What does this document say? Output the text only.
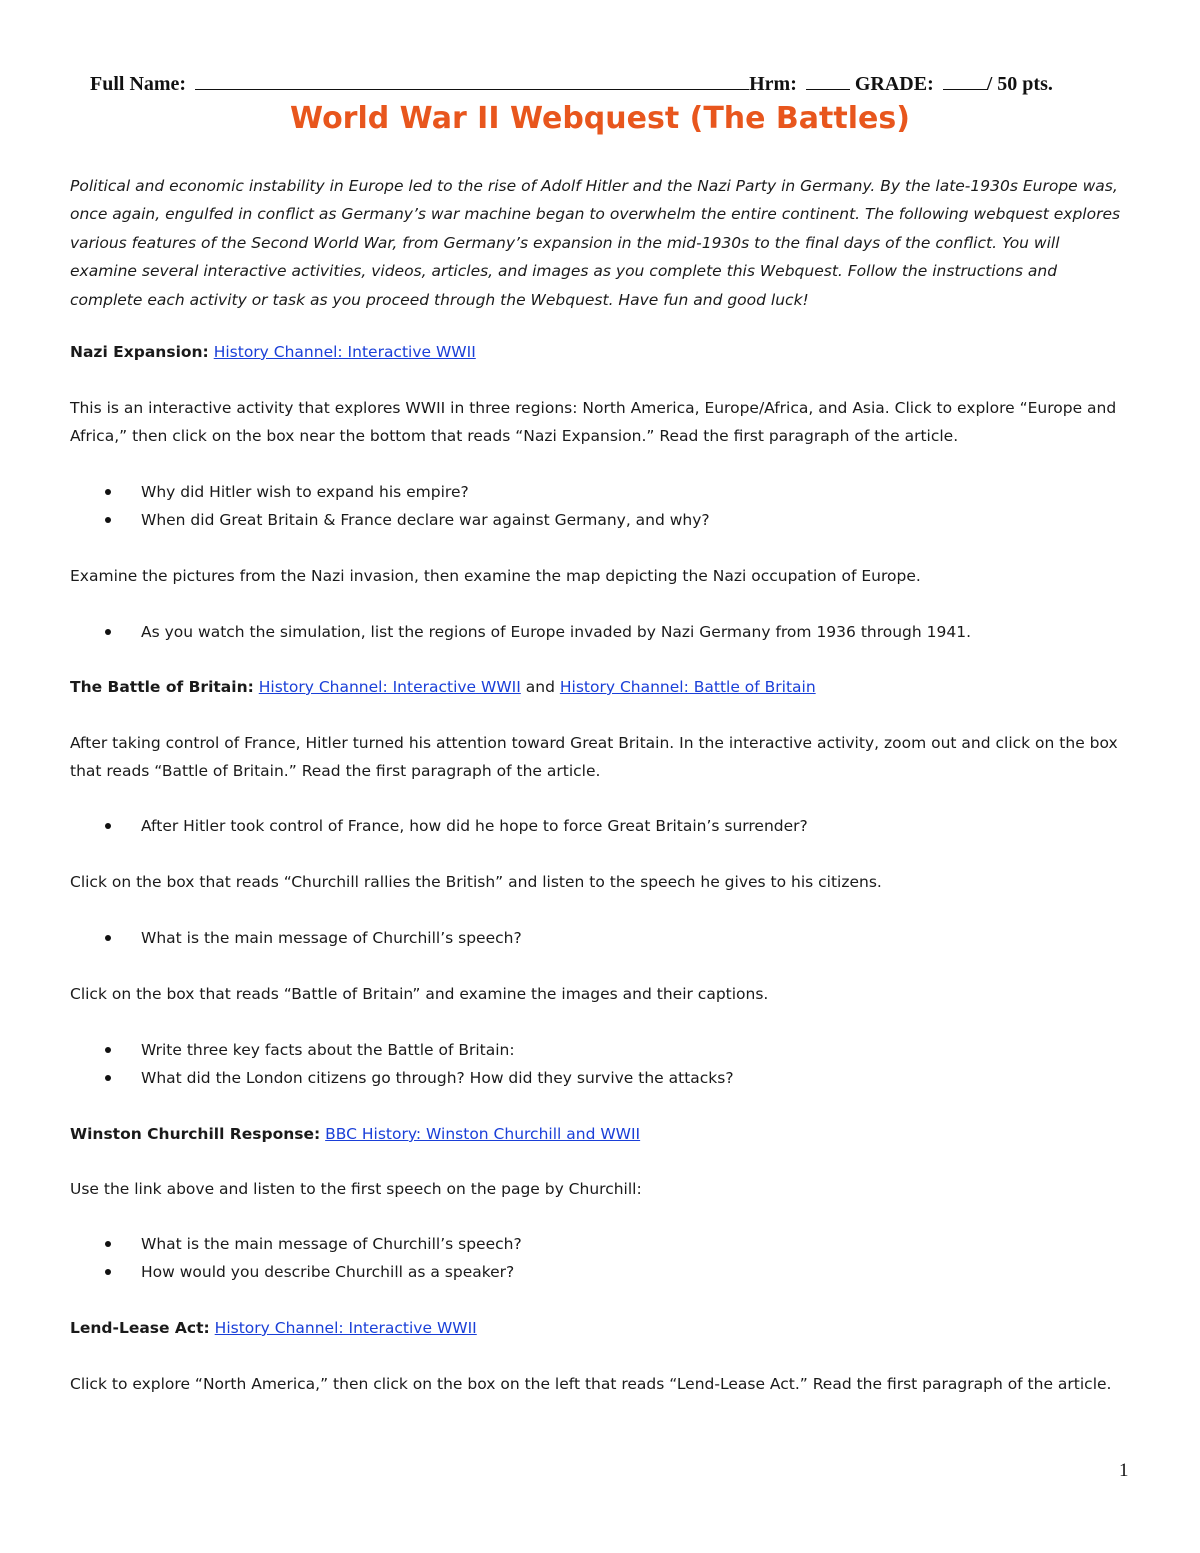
Full Name:	Hrm:	GRADE:	/ 50 pts.
World War II Webquest (The Battles)
Political and economic instability in Europe led to the rise of Adolf Hitler and the Nazi Party in Germany. By the late-1930s Europe was, once again, engulfed in conflict as Germany’s war machine began to overwhelm the entire continent. The following webquest explores various features of the Second World War, from Germany’s expansion in the mid-1930s to the final days of the conflict. You will examine several interactive activities, videos, articles, and images as you complete this Webquest. Follow the instructions and complete each activity or task as you proceed through the Webquest. Have fun and good luck!
Nazi Expansion: History Channel: Interactive WWII
This is an interactive activity that explores WWII in three regions: North America, Europe/Africa, and Asia. Click to explore “Europe and Africa,” then click on the box near the bottom that reads “Nazi Expansion.” Read the first paragraph of the article.
Why did Hitler wish to expand his empire?
When did Great Britain & France declare war against Germany, and why?
Examine the pictures from the Nazi invasion, then examine the map depicting the Nazi occupation of Europe.
As you watch the simulation, list the regions of Europe invaded by Nazi Germany from 1936 through 1941.
The Battle of Britain: History Channel: Interactive WWII and History Channel: Battle of Britain
After taking control of France, Hitler turned his attention toward Great Britain. In the interactive activity, zoom out and click on the box that reads “Battle of Britain.” Read the first paragraph of the article.
After Hitler took control of France, how did he hope to force Great Britain’s surrender?
Click on the box that reads “Churchill rallies the British” and listen to the speech he gives to his citizens.
What is the main message of Churchill’s speech?
Click on the box that reads “Battle of Britain” and examine the images and their captions.
Write three key facts about the Battle of Britain:
What did the London citizens go through? How did they survive the attacks?
Winston Churchill Response: BBC History: Winston Churchill and WWII
Use the link above and listen to the first speech on the page by Churchill:
What is the main message of Churchill’s speech?
How would you describe Churchill as a speaker?
Lend-Lease Act: History Channel: Interactive WWII
Click to explore “North America,” then click on the box on the left that reads “Lend-Lease Act.” Read the first paragraph of the article.
1
